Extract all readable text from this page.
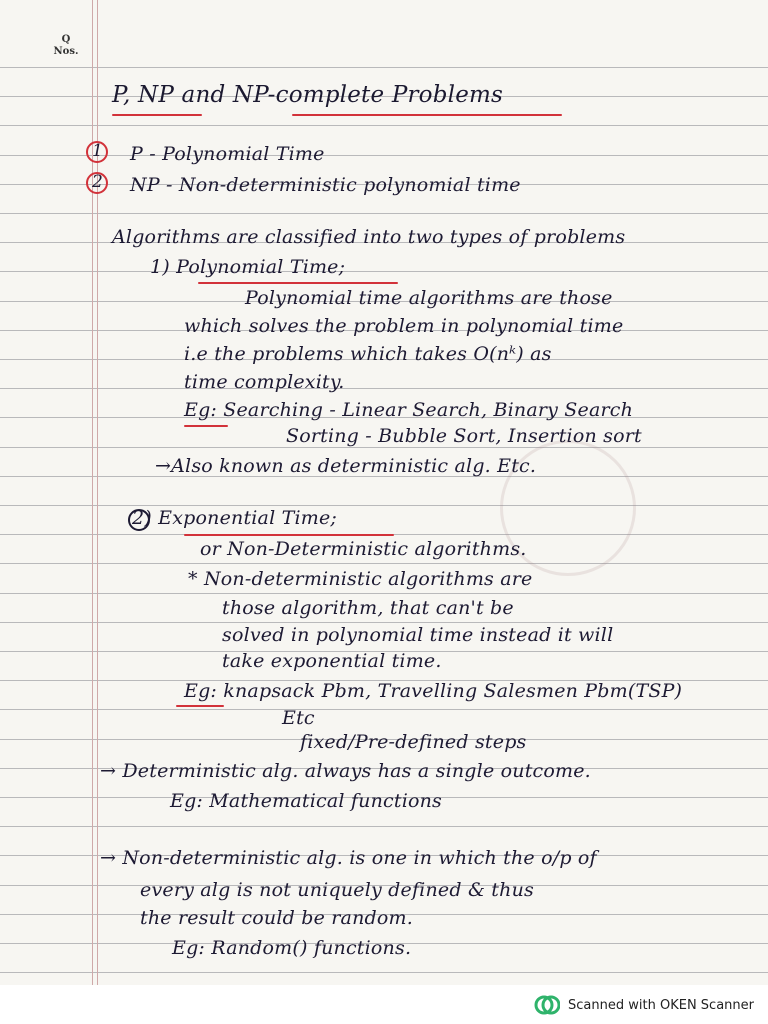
Q
Nos.
P, NP and NP-complete Problems
1 P - Polynomial Time
2 NP - Non-deterministic polynomial time
Algorithms are classified into two types of problems
1) Polynomial Time;
Polynomial time algorithms are those
which solves the problem in polynomial time
i.e the problems which takes O(nᵏ) as
time complexity.
Eg: Searching - Linear Search, Binary Search
Sorting - Bubble Sort, Insertion sort
→Also known as deterministic alg. Etc.
2) Exponential Time;
or Non-Deterministic algorithms.
* Non-deterministic algorithms are
those algorithm, that can't be
solved in polynomial time instead it will
take exponential time.
Eg: knapsack Pbm, Travelling Salesmen Pbm(TSP)
Etc
fixed/Pre-defined steps
→ Deterministic alg. always has a single outcome.
Eg: Mathematical functions
→ Non-deterministic alg. is one in which the o/p of
every alg is not uniquely defined & thus
the result could be random.
Eg: Random() functions.
Scanned with OKEN Scanner
